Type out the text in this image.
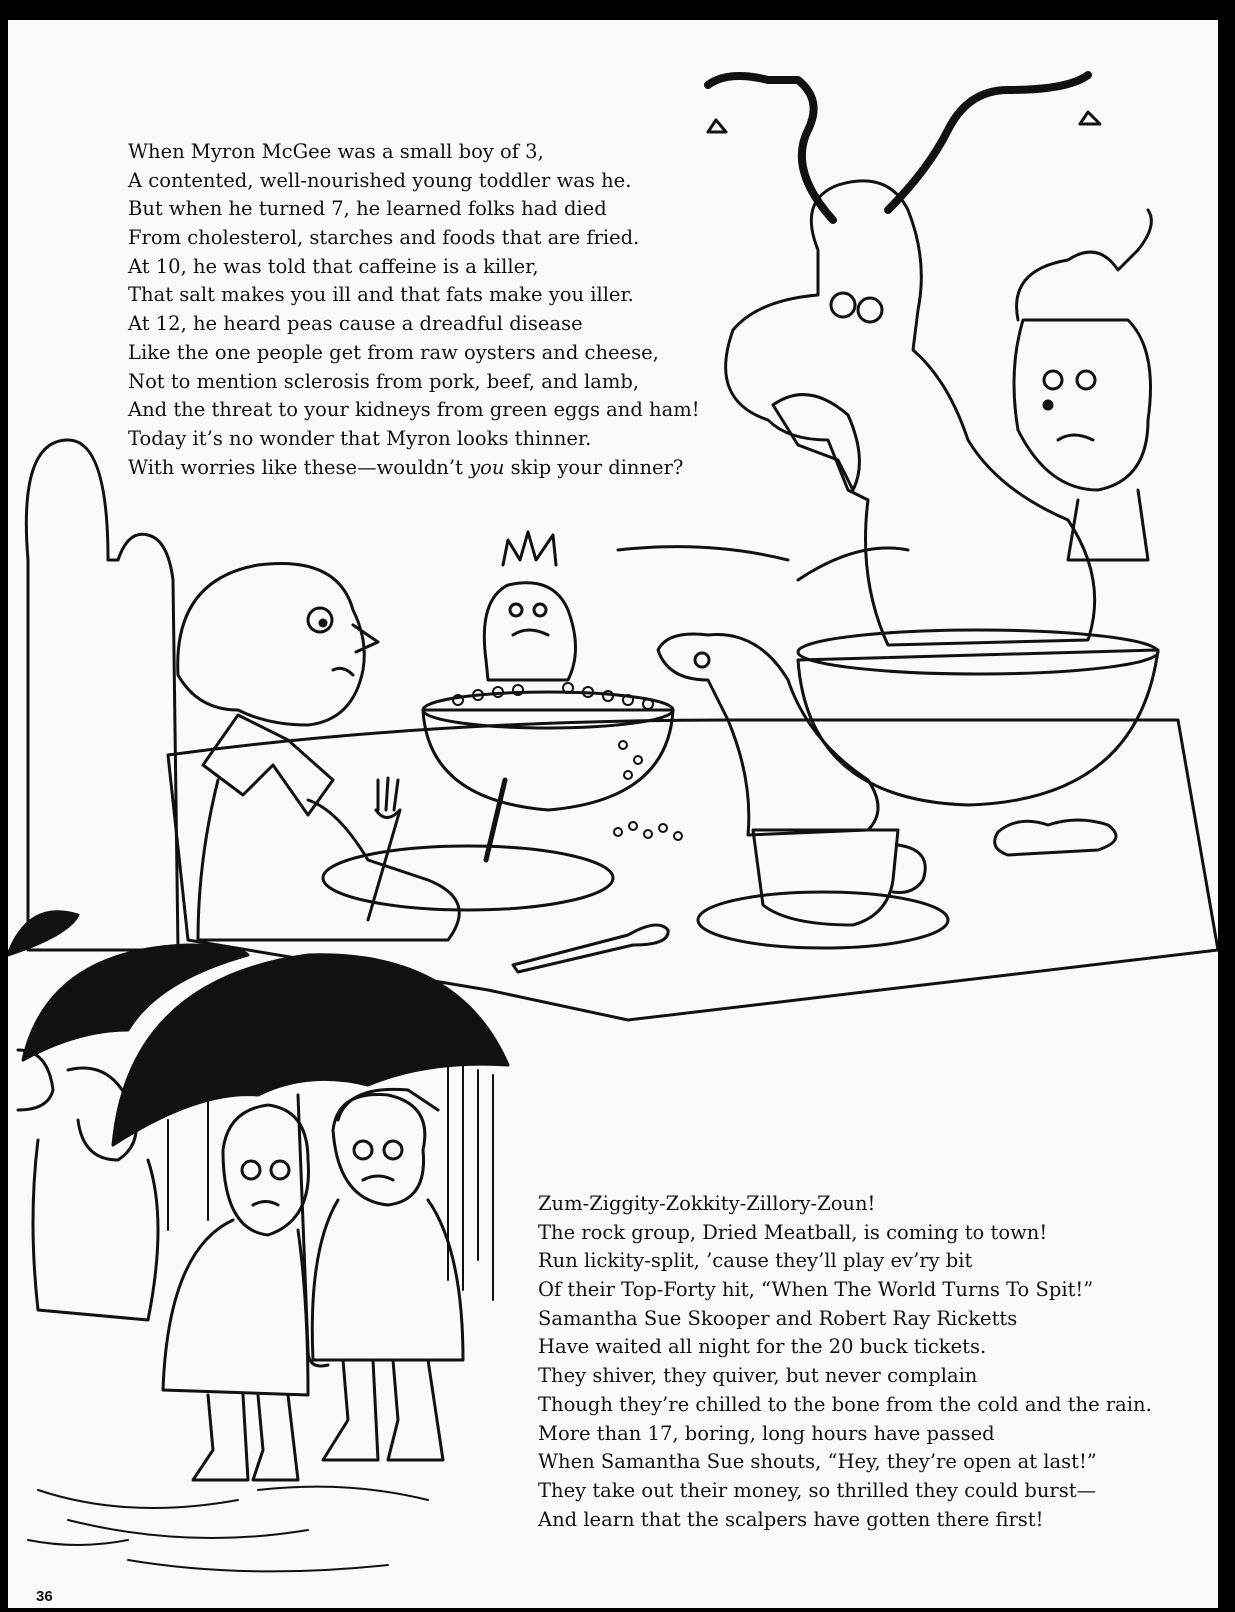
When Myron McGee was a small boy of 3,
A contented, well-nourished young toddler was he.
But when he turned 7, he learned folks had died
From cholesterol, starches and foods that are fried.
At 10, he was told that caffeine is a killer,
That salt makes you ill and that fats make you iller.
At 12, he heard peas cause a dreadful disease
Like the one people get from raw oysters and cheese,
Not to mention sclerosis from pork, beef, and lamb,
And the threat to your kidneys from green eggs and ham!
Today it’s no wonder that Myron looks thinner.
With worries like these—wouldn’t you skip your dinner?
Zum-Ziggity-Zokkity-Zillory-Zoun!
The rock group, Dried Meatball, is coming to town!
Run lickity-split, ’cause they’ll play ev’ry bit
Of their Top-Forty hit, “When The World Turns To Spit!”
Samantha Sue Skooper and Robert Ray Ricketts
Have waited all night for the 20 buck tickets.
They shiver, they quiver, but never complain
Though they’re chilled to the bone from the cold and the rain.
More than 17, boring, long hours have passed
When Samantha Sue shouts, “Hey, they’re open at last!”
They take out their money, so thrilled they could burst—
And learn that the scalpers have gotten there first!
36
